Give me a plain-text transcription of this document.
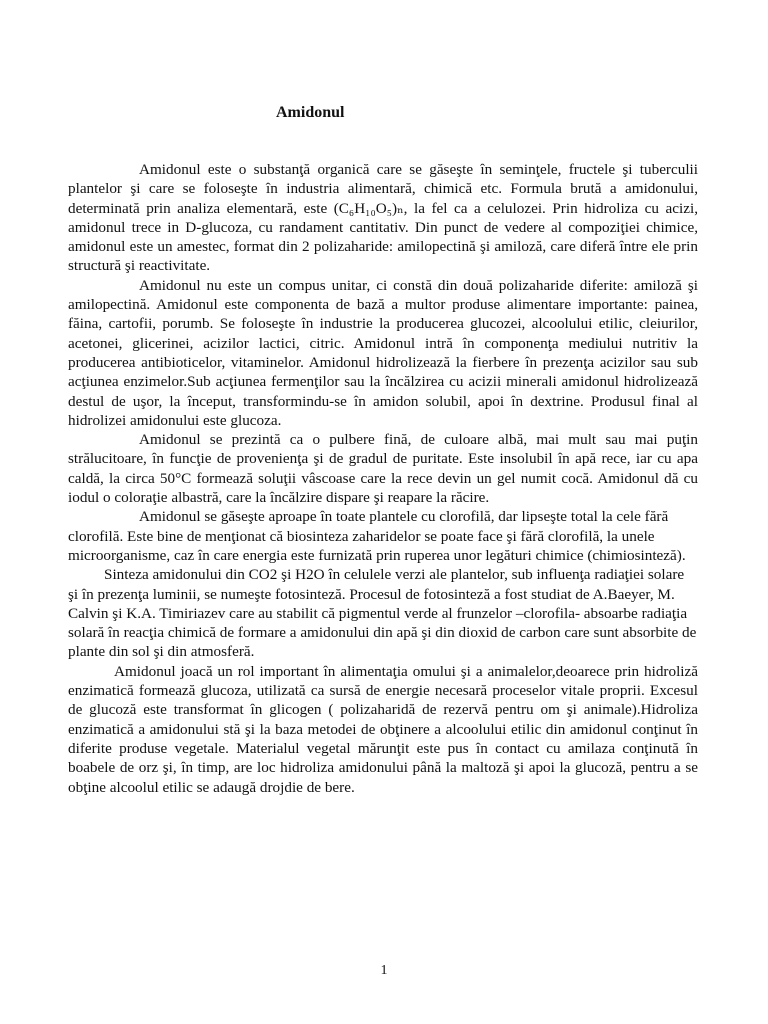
Amidonul

Amidonul este o substanţă organică care se găseşte în seminţele, fructele şi tuberculii plantelor şi care se foloseşte în industria alimentară, chimică etc. Formula brută a amidonului, determinată prin analiza elementară, este (C₆H₁₀O₅)ₙ, la fel ca a celulozei. Prin hidroliza cu acizi, amidonul trece in D-glucoza, cu randament cantitativ. Din punct de vedere al compoziţiei chimice, amidonul este un amestec, format din 2 polizaharide: amilopectină şi amiloză, care diferă între ele prin structură şi reactivitate.

Amidonul nu este un compus unitar, ci constă din două polizaharide diferite: amiloză şi amilopectină. Amidonul este componenta de bază a multor produse alimentare importante: painea, făina, cartofii, porumb. Se foloseşte în industrie la producerea glucozei, alcoolului etilic, cleiurilor, acetonei, glicerinei, acizilor lactici, citric. Amidonul intră în componenţa mediului nutritiv la producerea antibioticelor, vitaminelor. Amidonul hidrolizează la fierbere în prezenţa acizilor sau sub acţiunea enzimelor.Sub acţiunea fermenţilor sau la încălzirea cu acizii minerali amidonul hidrolizează destul de uşor, la început, transformindu-se în amidon solubil, apoi în dextrine. Produsul final al hidrolizei amidonului este glucoza.

Amidonul se prezintă ca o pulbere fină, de culoare albă, mai mult sau mai puţin strălucitoare, în funcţie de provenienţa şi de gradul de puritate. Este insolubil în apă rece, iar cu apa caldă, la circa 50°C formează soluţii vâscoase care la rece devin un gel numit cocă. Amidonul dă cu iodul o coloraţie albastră, care la încălzire dispare şi reapare la răcire.

Amidonul se găseşte aproape în toate plantele cu clorofilă, dar lipseşte total la cele fără clorofilă. Este bine de menţionat că biosinteza zaharidelor se poate face şi fără clorofilă, la unele microorganisme, caz în care energia este furnizată prin ruperea unor legături chimice (chimiosinteză).

Sinteza amidonului din CO2 şi H2O în celulele verzi ale plantelor, sub influenţa radiaţiei solare şi în prezenţa luminii, se numeşte fotosinteză. Procesul de fotosinteză a fost studiat de A.Baeyer, M. Calvin şi K.A. Timiriazev care au stabilit că pigmentul verde al frunzelor –clorofila- absoarbe radiaţia solară în reacţia chimică de formare a amidonului din apă şi din dioxid de carbon care sunt absorbite de plante din sol şi din atmosferă.

Amidonul joacă un rol important în alimentaţia omului şi a animalelor,deoarece prin hidroliză enzimatică formează glucoza, utilizată ca sursă de energie necesară proceselor vitale proprii. Excesul de glucoză este transformat în glicogen ( polizaharidă de rezervă pentru om şi animale).Hidroliza enzimatică a amidonului stă şi la baza metodei de obţinere a alcoolului etilic din amidonul conţinut în diferite produse vegetale. Materialul vegetal mărunţit este pus în contact cu amilaza conţinută în boabele de orz şi, în timp, are loc hidroliza amidonului până la maltoză şi apoi la glucoză, pentru a se obţine alcoolul etilic se adaugă drojdie de bere.

1
